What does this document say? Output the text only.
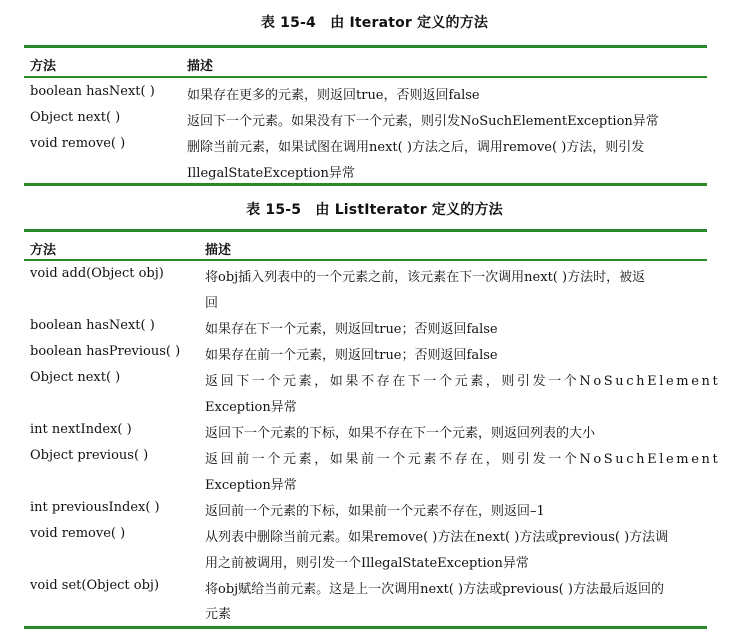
表 15-4　由 Iterator 定义的方法
方法	描述
boolean hasNext( ) 如果存在更多的元素，则返回true，否则返回false
Object next( )	返回下一个元素。如果没有下一个元素，则引发NoSuchElementException异常
void remove( )	删除当前元素，如果试图在调用next( )方法之后，调用remove( )方法，则引发
IllegalStateException异常
表 15-5　由 ListIterator 定义的方法
方法	描述
void add(Object obj)	将obj插入列表中的一个元素之前，该元素在下一次调用next( )方法时，被返
回
boolean hasNext( )	如果存在下一个元素，则返回true；否则返回false
boolean hasPrevious( ) 如果存在前一个元素，则返回true；否则返回false
Object next( )	返回下一个元素，如果不存在下一个元素，则引发一个NoSuchElement
Exception异常
int nextIndex( )	返回下一个元素的下标，如果不存在下一个元素，则返回列表的大小
Object previous( )	返回前一个元素，如果前一个元素不存在，则引发一个NoSuchElement
Exception异常
int previousIndex( )	返回前一个元素的下标，如果前一个元素不存在，则返回–1
void remove( )	从列表中删除当前元素。如果remove( )方法在next( )方法或previous( )方法调
用之前被调用，则引发一个IllegalStateException异常
void set(Object obj)	将obj赋给当前元素。这是上一次调用next( )方法或previous( )方法最后返回的
元素
